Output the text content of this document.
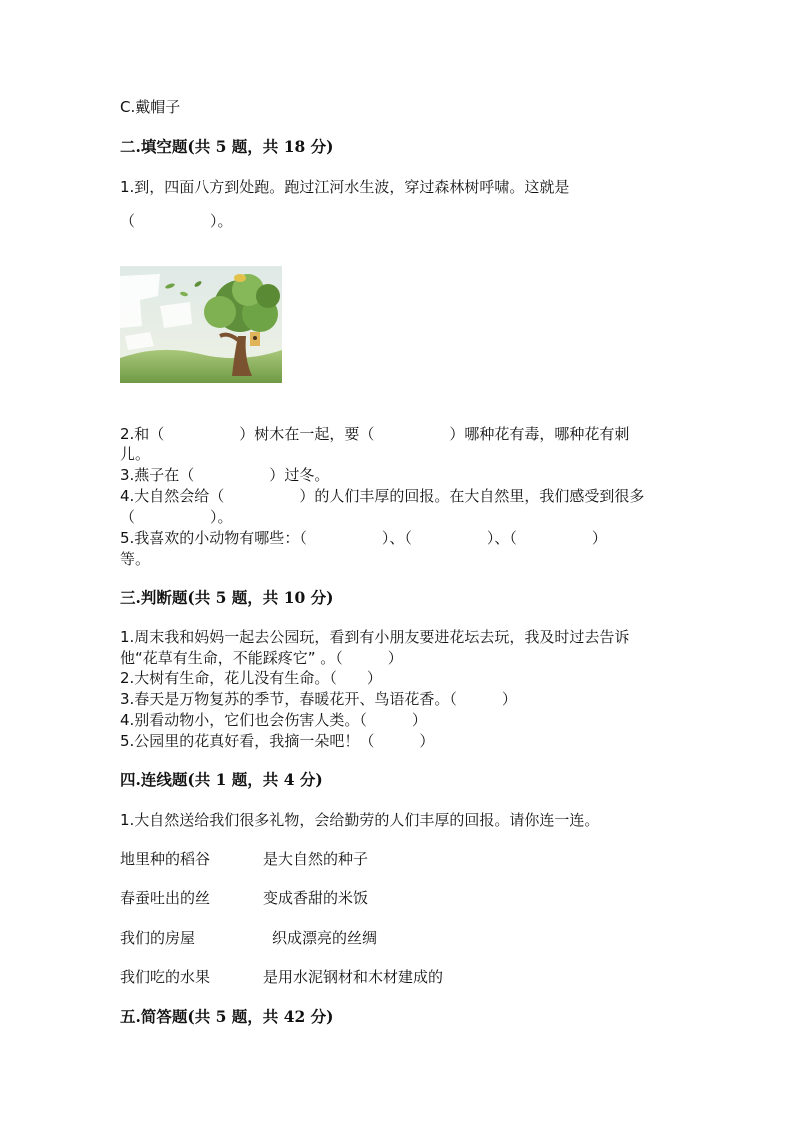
C.戴帽子
二.填空题(共 5 题，共 18 分)
1.到，四面八方到处跑。跑过江河水生波，穿过森林树呼啸。这就是
（　　　　　）。
2.和（　　　　　）树木在一起，要（　　　　　）哪种花有毒，哪种花有刺
儿。
3.燕子在（　　　　　）过冬。
4.大自然会给（　　　　　）的人们丰厚的回报。在大自然里，我们感受到很多
（　　　　　）。
5.我喜欢的小动物有哪些：（　　　　　）、（　　　　　）、（　　　　　）
等。
三.判断题(共 5 题，共 10 分)
1.周末我和妈妈一起去公园玩，看到有小朋友要进花坛去玩，我及时过去告诉
他“花草有生命，不能踩疼它” 。（　　　）
2.大树有生命，花儿没有生命。（　　）
3.春天是万物复苏的季节，春暖花开、鸟语花香。（　　　）
4.别看动物小，它们也会伤害人类。（　　　）
5.公园里的花真好看，我摘一朵吧！（　　　）
四.连线题(共 1 题，共 4 分)
1.大自然送给我们很多礼物，会给勤劳的人们丰厚的回报。请你连一连。
地里种的稻谷	是大自然的种子
春蚕吐出的丝	变成香甜的米饭
我们的房屋	织成漂亮的丝绸
我们吃的水果	是用水泥钢材和木材建成的
五.简答题(共 5 题，共 42 分)
